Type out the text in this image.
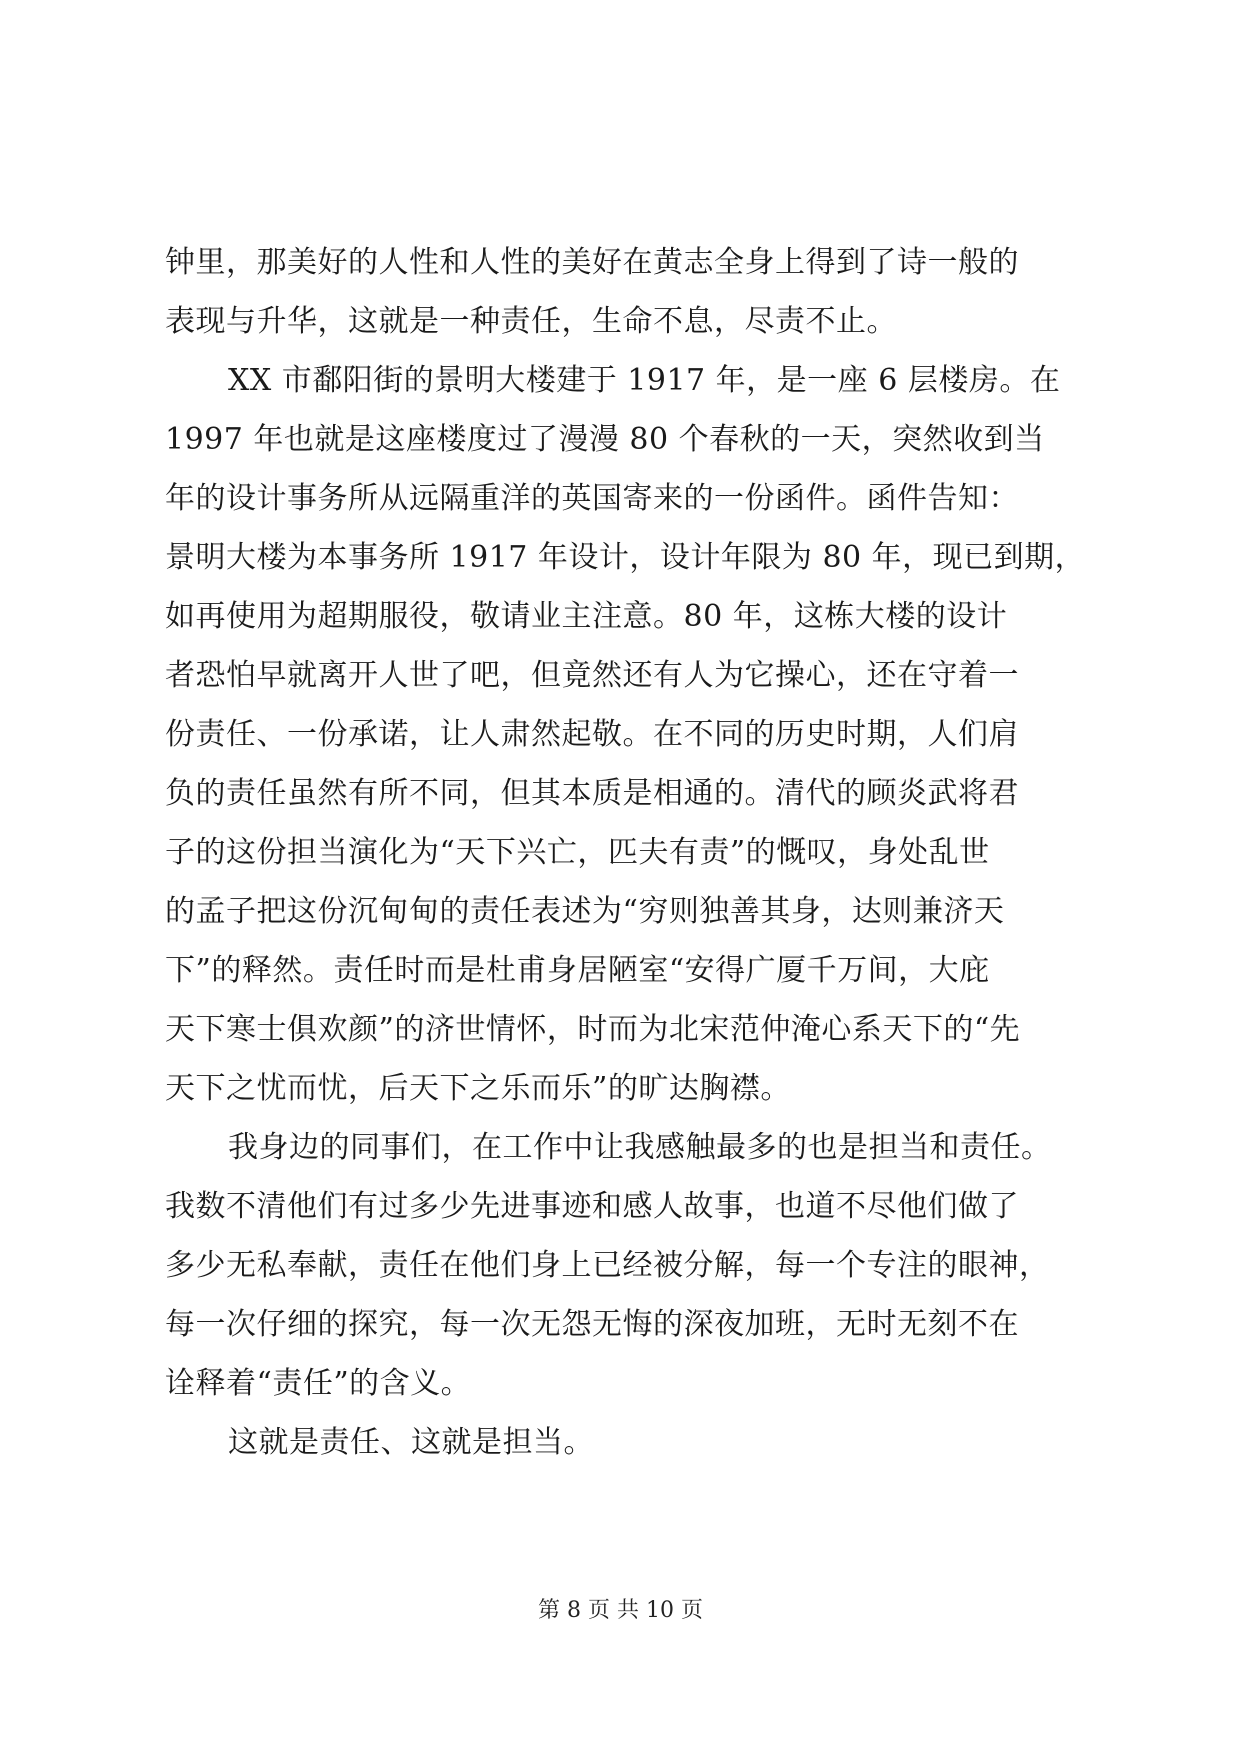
钟里，那美好的人性和人性的美好在黄志全身上得到了诗一般的
表现与升华，这就是一种责任，生命不息，尽责不止。
XX 市鄱阳街的景明大楼建于 1917 年，是一座 6 层楼房。在
1997 年也就是这座楼度过了漫漫 80 个春秋的一天，突然收到当
年的设计事务所从远隔重洋的英国寄来的一份函件。函件告知：
景明大楼为本事务所 1917 年设计，设计年限为 80 年，现已到期，
如再使用为超期服役，敬请业主注意。80 年，这栋大楼的设计
者恐怕早就离开人世了吧，但竟然还有人为它操心，还在守着一
份责任、一份承诺，让人肃然起敬。在不同的历史时期，人们肩
负的责任虽然有所不同，但其本质是相通的。清代的顾炎武将君
子的这份担当演化为“天下兴亡，匹夫有责”的慨叹，身处乱世
的孟子把这份沉甸甸的责任表述为“穷则独善其身，达则兼济天
下”的释然。责任时而是杜甫身居陋室“安得广厦千万间，大庇
天下寒士俱欢颜”的济世情怀，时而为北宋范仲淹心系天下的“先
天下之忧而忧，后天下之乐而乐”的旷达胸襟。
我身边的同事们，在工作中让我感触最多的也是担当和责任。
我数不清他们有过多少先进事迹和感人故事，也道不尽他们做了
多少无私奉献，责任在他们身上已经被分解，每一个专注的眼神，
每一次仔细的探究，每一次无怨无悔的深夜加班，无时无刻不在
诠释着“责任”的含义。
这就是责任、这就是担当。
第 8 页 共 10 页
